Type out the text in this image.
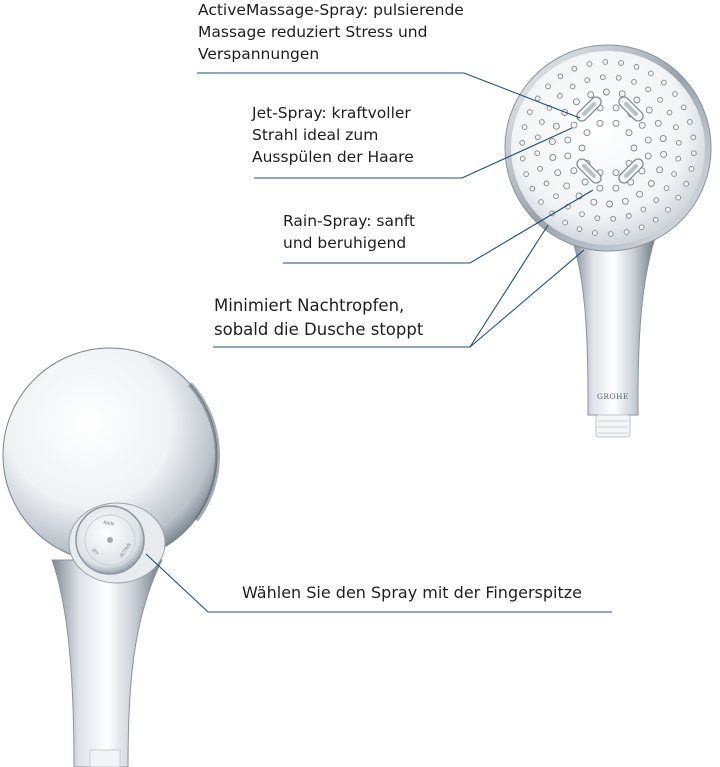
GROHE
RAIN
JET	ACTIVE

ActiveMassage-Spray: pulsierende
Massage reduziert Stress und
Verspannungen

Jet-Spray: kraftvoller
Strahl ideal zum
Ausspülen der Haare

Rain-Spray: sanft
und beruhigend

Minimiert Nachtropfen,
sobald die Dusche stoppt

Wählen Sie den Spray mit der Fingerspitze
